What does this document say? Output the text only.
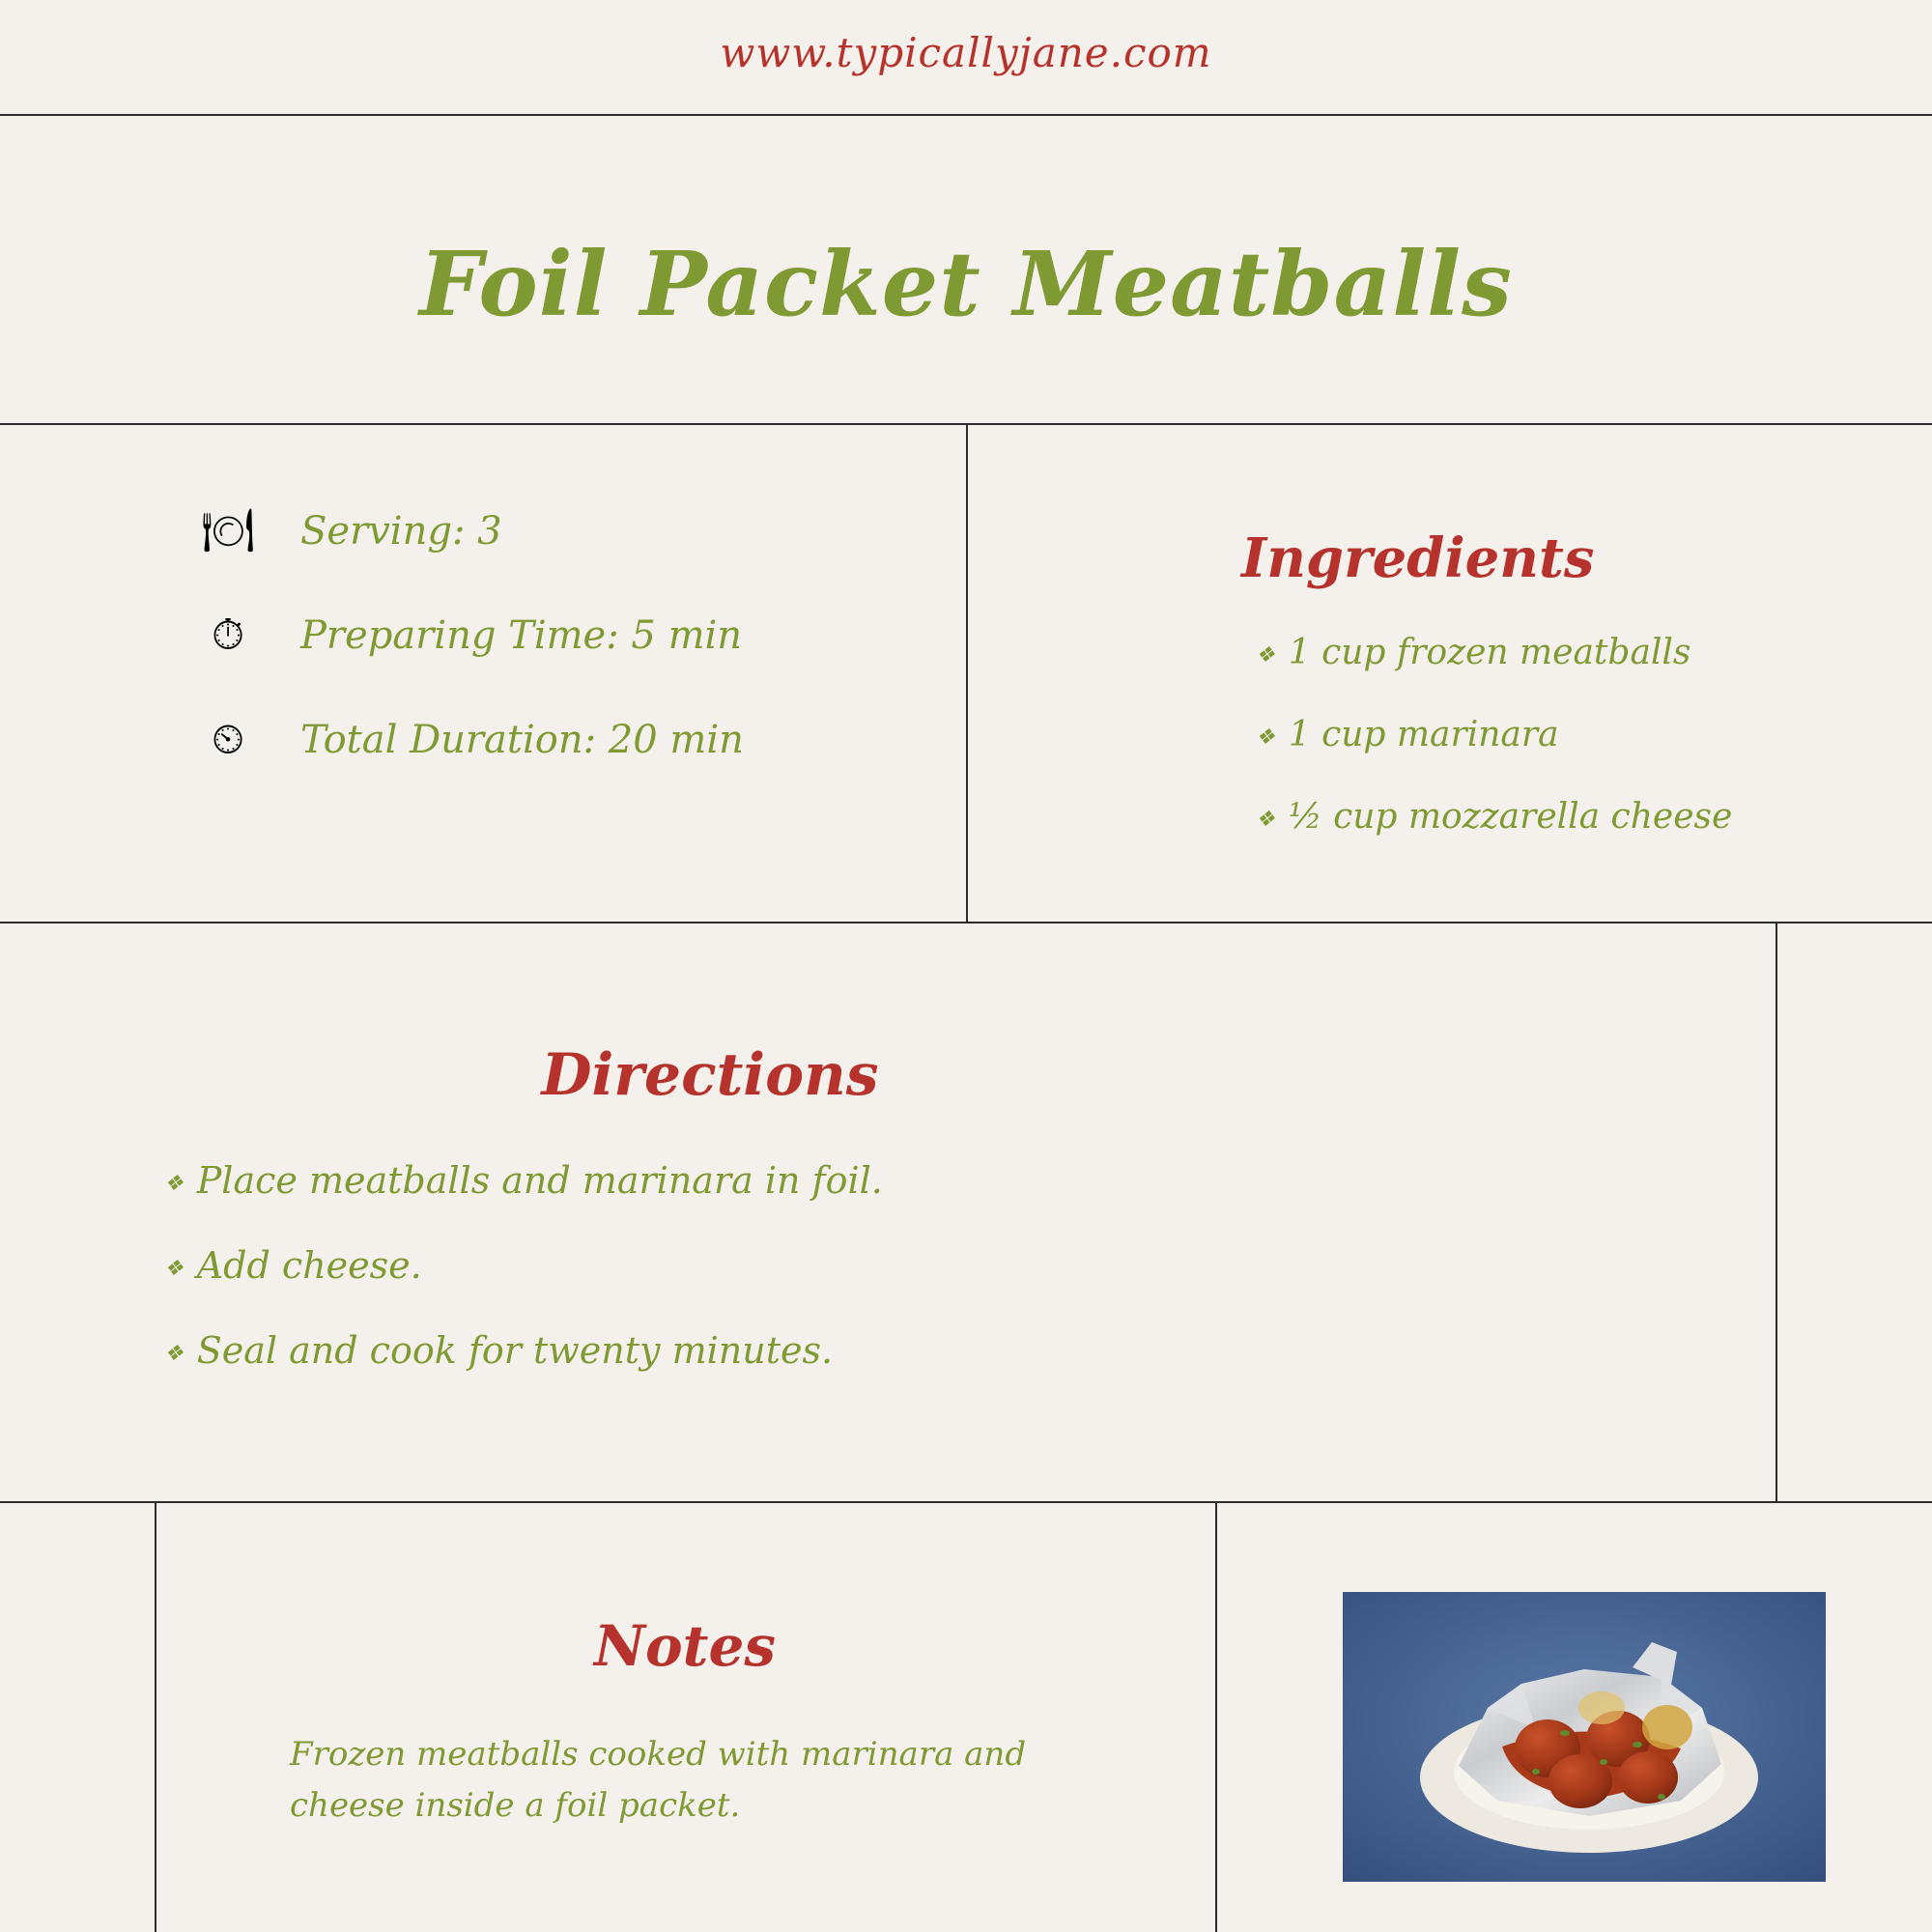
www.typicallyjane.com
Foil Packet Meatballs
🍽 Serving: 3
⏱	Preparing Time: 5 min
⏲	Total Duration: 20 min
Ingredients
❖ 1 cup frozen meatballs
❖ 1 cup marinara
❖ ½ cup mozzarella cheese
Directions
❖ Place meatballs and marinara in foil.
❖ Add cheese.
❖ Seal and cook for twenty minutes.
Notes
Frozen meatballs cooked with marinara and cheese inside a foil packet.
